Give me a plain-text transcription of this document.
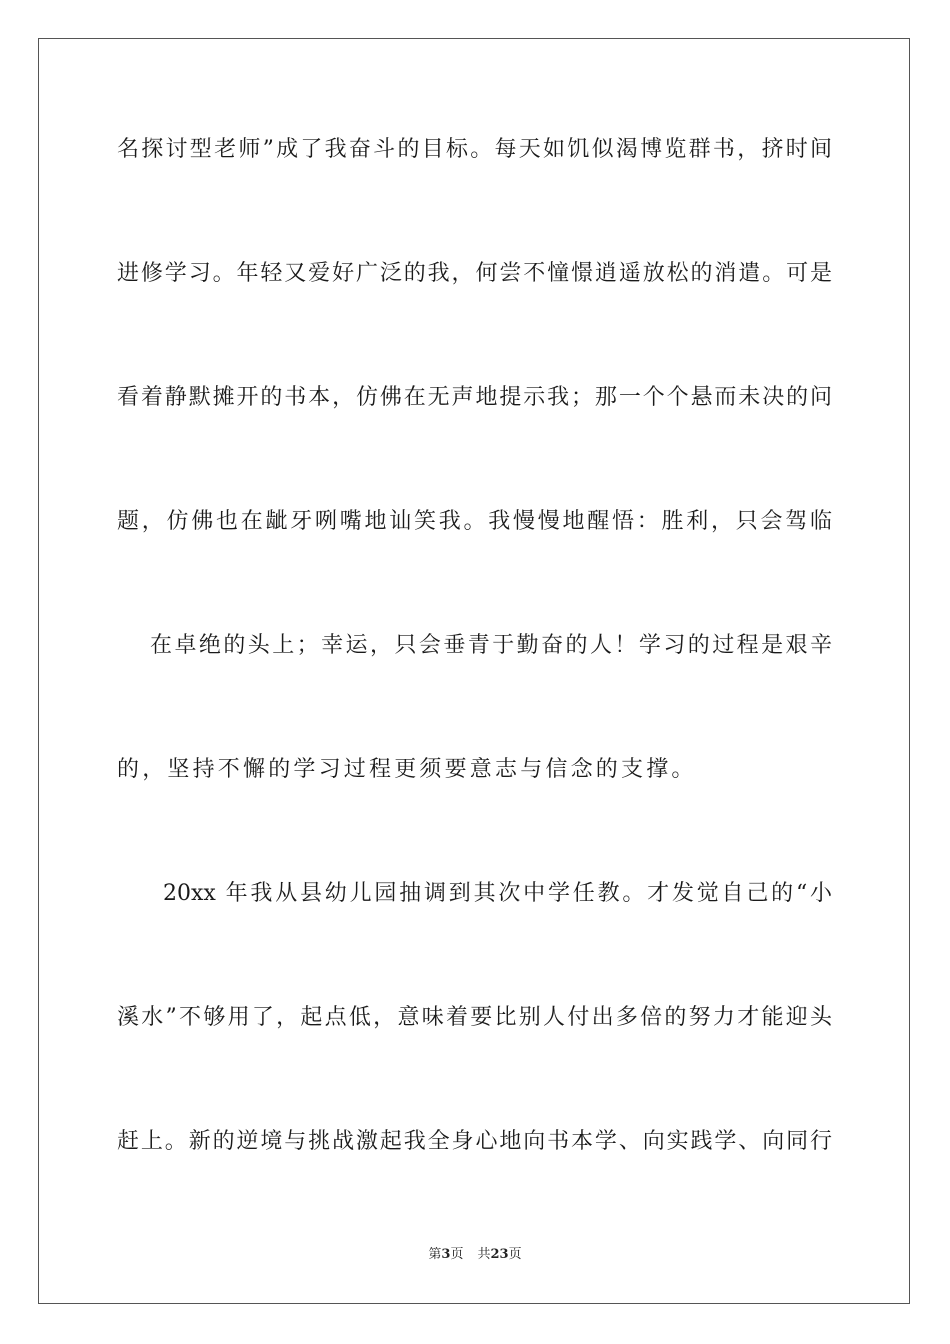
名探讨型老师”成了我奋斗的目标。每天如饥似渴博览群书，挤时间
进修学习。年轻又爱好广泛的我，何尝不憧憬逍遥放松的消遣。可是
看着静默摊开的书本，仿佛在无声地提示我；那一个个悬而未决的问
题，仿佛也在龇牙咧嘴地讪笑我。我慢慢地醒悟：胜利，只会驾临
在卓绝的头上；幸运，只会垂青于勤奋的人！学习的过程是艰辛
的，坚持不懈的学习过程更须要意志与信念的支撑。
20xx 年我从县幼儿园抽调到其次中学任教。才发觉自己的“小
溪水”不够用了，起点低，意味着要比别人付出多倍的努力才能迎头
赶上。新的逆境与挑战激起我全身心地向书本学、向实践学、向同行
第3页 共23页
